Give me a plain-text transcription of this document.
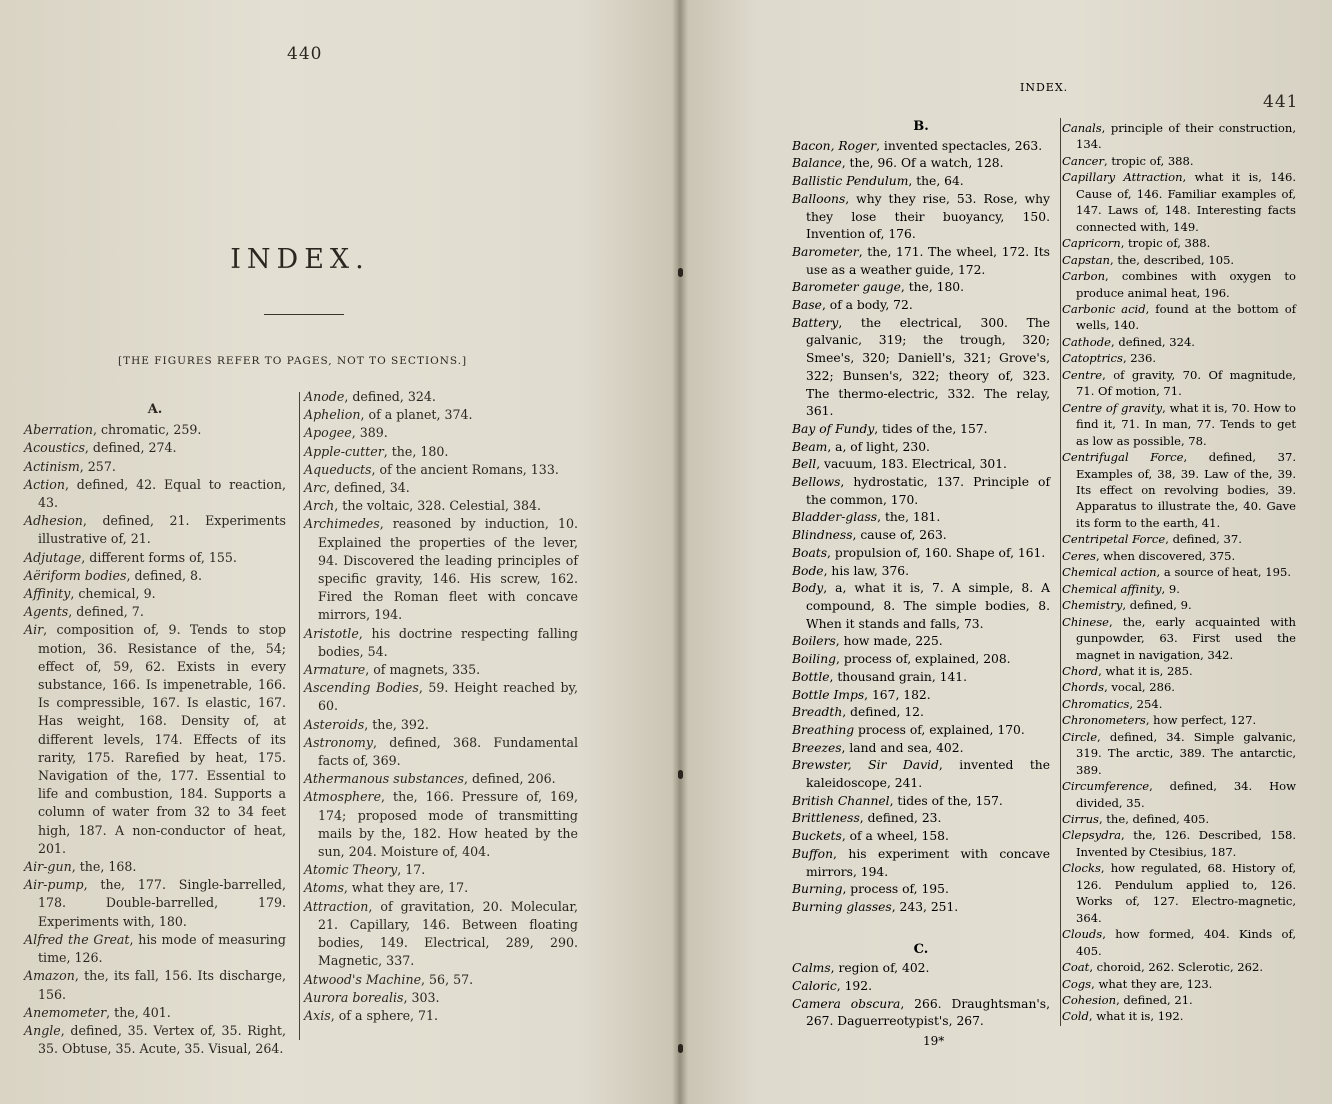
440
INDEX.
[THE FIGURES REFER TO PAGES, NOT TO SECTIONS.]
A.
Aberration, chromatic, 259.
Acoustics, defined, 274.
Actinism, 257.
Action, defined, 42. Equal to reaction, 43.
Adhesion, defined, 21. Experiments illustrative of, 21.
Adjutage, different forms of, 155.
Aëriform bodies, defined, 8.
Affinity, chemical, 9.
Agents, defined, 7.
Air, composition of, 9. Tends to stop motion, 36. Resistance of the, 54; effect of, 59, 62. Exists in every substance, 166. Is impenetrable, 166. Is compressible, 167. Is elastic, 167. Has weight, 168. Density of, at different levels, 174. Effects of its rarity, 175. Rarefied by heat, 175. Navigation of the, 177. Essential to life and combustion, 184. Supports a column of water from 32 to 34 feet high, 187. A non-conductor of heat, 201.
Air-gun, the, 168.
Air-pump, the, 177. Single-barrelled, 178. Double-barrelled, 179. Experiments with, 180.
Alfred the Great, his mode of measuring time, 126.
Amazon, the, its fall, 156. Its discharge, 156.
Anemometer, the, 401.
Angle, defined, 35. Vertex of, 35. Right, 35. Obtuse, 35. Acute, 35. Visual, 264.
Anode, defined, 324.
Aphelion, of a planet, 374.
Apogee, 389.
Apple-cutter, the, 180.
Aqueducts, of the ancient Romans, 133.
Arc, defined, 34.
Arch, the voltaic, 328. Celestial, 384.
Archimedes, reasoned by induction, 10. Explained the properties of the lever, 94. Discovered the leading principles of specific gravity, 146. His screw, 162. Fired the Roman fleet with concave mirrors, 194.
Aristotle, his doctrine respecting falling bodies, 54.
Armature, of magnets, 335.
Ascending Bodies, 59. Height reached by, 60.
Asteroids, the, 392.
Astronomy, defined, 368. Fundamental facts of, 369.
Athermanous substances, defined, 206.
Atmosphere, the, 166. Pressure of, 169, 174; proposed mode of transmitting mails by the, 182. How heated by the sun, 204. Moisture of, 404.
Atomic Theory, 17.
Atoms, what they are, 17.
Attraction, of gravitation, 20. Molecular, 21. Capillary, 146. Between floating bodies, 149. Electrical, 289, 290. Magnetic, 337.
Atwood's Machine, 56, 57.
Aurora borealis, 303.
Axis, of a sphere, 71.
441
INDEX.
B.
Bacon, Roger, invented spectacles, 263.
Balance, the, 96. Of a watch, 128.
Ballistic Pendulum, the, 64.
Balloons, why they rise, 53. Rose, why they lose their buoyancy, 150. Invention of, 176.
Barometer, the, 171. The wheel, 172. Its use as a weather guide, 172.
Barometer gauge, the, 180.
Base, of a body, 72.
Battery, the electrical, 300. The galvanic, 319; the trough, 320; Smee's, 320; Daniell's, 321; Grove's, 322; Bunsen's, 322; theory of, 323. The thermo-electric, 332. The relay, 361.
Bay of Fundy, tides of the, 157.
Beam, a, of light, 230.
Bell, vacuum, 183. Electrical, 301.
Bellows, hydrostatic, 137. Principle of the common, 170.
Bladder-glass, the, 181.
Blindness, cause of, 263.
Boats, propulsion of, 160. Shape of, 161.
Bode, his law, 376.
Body, a, what it is, 7. A simple, 8. A compound, 8. The simple bodies, 8. When it stands and falls, 73.
Boilers, how made, 225.
Boiling, process of, explained, 208.
Bottle, thousand grain, 141.
Bottle Imps, 167, 182.
Breadth, defined, 12.
Breathing process of, explained, 170.
Breezes, land and sea, 402.
Brewster, Sir David, invented the kaleidoscope, 241.
British Channel, tides of the, 157.
Brittleness, defined, 23.
Buckets, of a wheel, 158.
Buffon, his experiment with concave mirrors, 194.
Burning, process of, 195.
Burning glasses, 243, 251.
C.
Calms, region of, 402.
Caloric, 192.
Camera obscura, 266. Draughtsman's, 267. Daguerreotypist's, 267.
Canals, principle of their construction, 134.
Cancer, tropic of, 388.
Capillary Attraction, what it is, 146. Cause of, 146. Familiar examples of, 147. Laws of, 148. Interesting facts connected with, 149.
Capricorn, tropic of, 388.
Capstan, the, described, 105.
Carbon, combines with oxygen to produce animal heat, 196.
Carbonic acid, found at the bottom of wells, 140.
Cathode, defined, 324.
Catoptrics, 236.
Centre, of gravity, 70. Of magnitude, 71. Of motion, 71.
Centre of gravity, what it is, 70. How to find it, 71. In man, 77. Tends to get as low as possible, 78.
Centrifugal Force, defined, 37. Examples of, 38, 39. Law of the, 39. Its effect on revolving bodies, 39. Apparatus to illustrate the, 40. Gave its form to the earth, 41.
Centripetal Force, defined, 37.
Ceres, when discovered, 375.
Chemical action, a source of heat, 195.
Chemical affinity, 9.
Chemistry, defined, 9.
Chinese, the, early acquainted with gunpowder, 63. First used the magnet in navigation, 342.
Chord, what it is, 285.
Chords, vocal, 286.
Chromatics, 254.
Chronometers, how perfect, 127.
Circle, defined, 34. Simple galvanic, 319. The arctic, 389. The antarctic, 389.
Circumference, defined, 34. How divided, 35.
Cirrus, the, defined, 405.
Clepsydra, the, 126. Described, 158. Invented by Ctesibius, 187.
Clocks, how regulated, 68. History of, 126. Pendulum applied to, 126. Works of, 127. Electro-magnetic, 364.
Clouds, how formed, 404. Kinds of, 405.
Coat, choroid, 262. Sclerotic, 262.
Cogs, what they are, 123.
Cohesion, defined, 21.
Cold, what it is, 192.
19*
